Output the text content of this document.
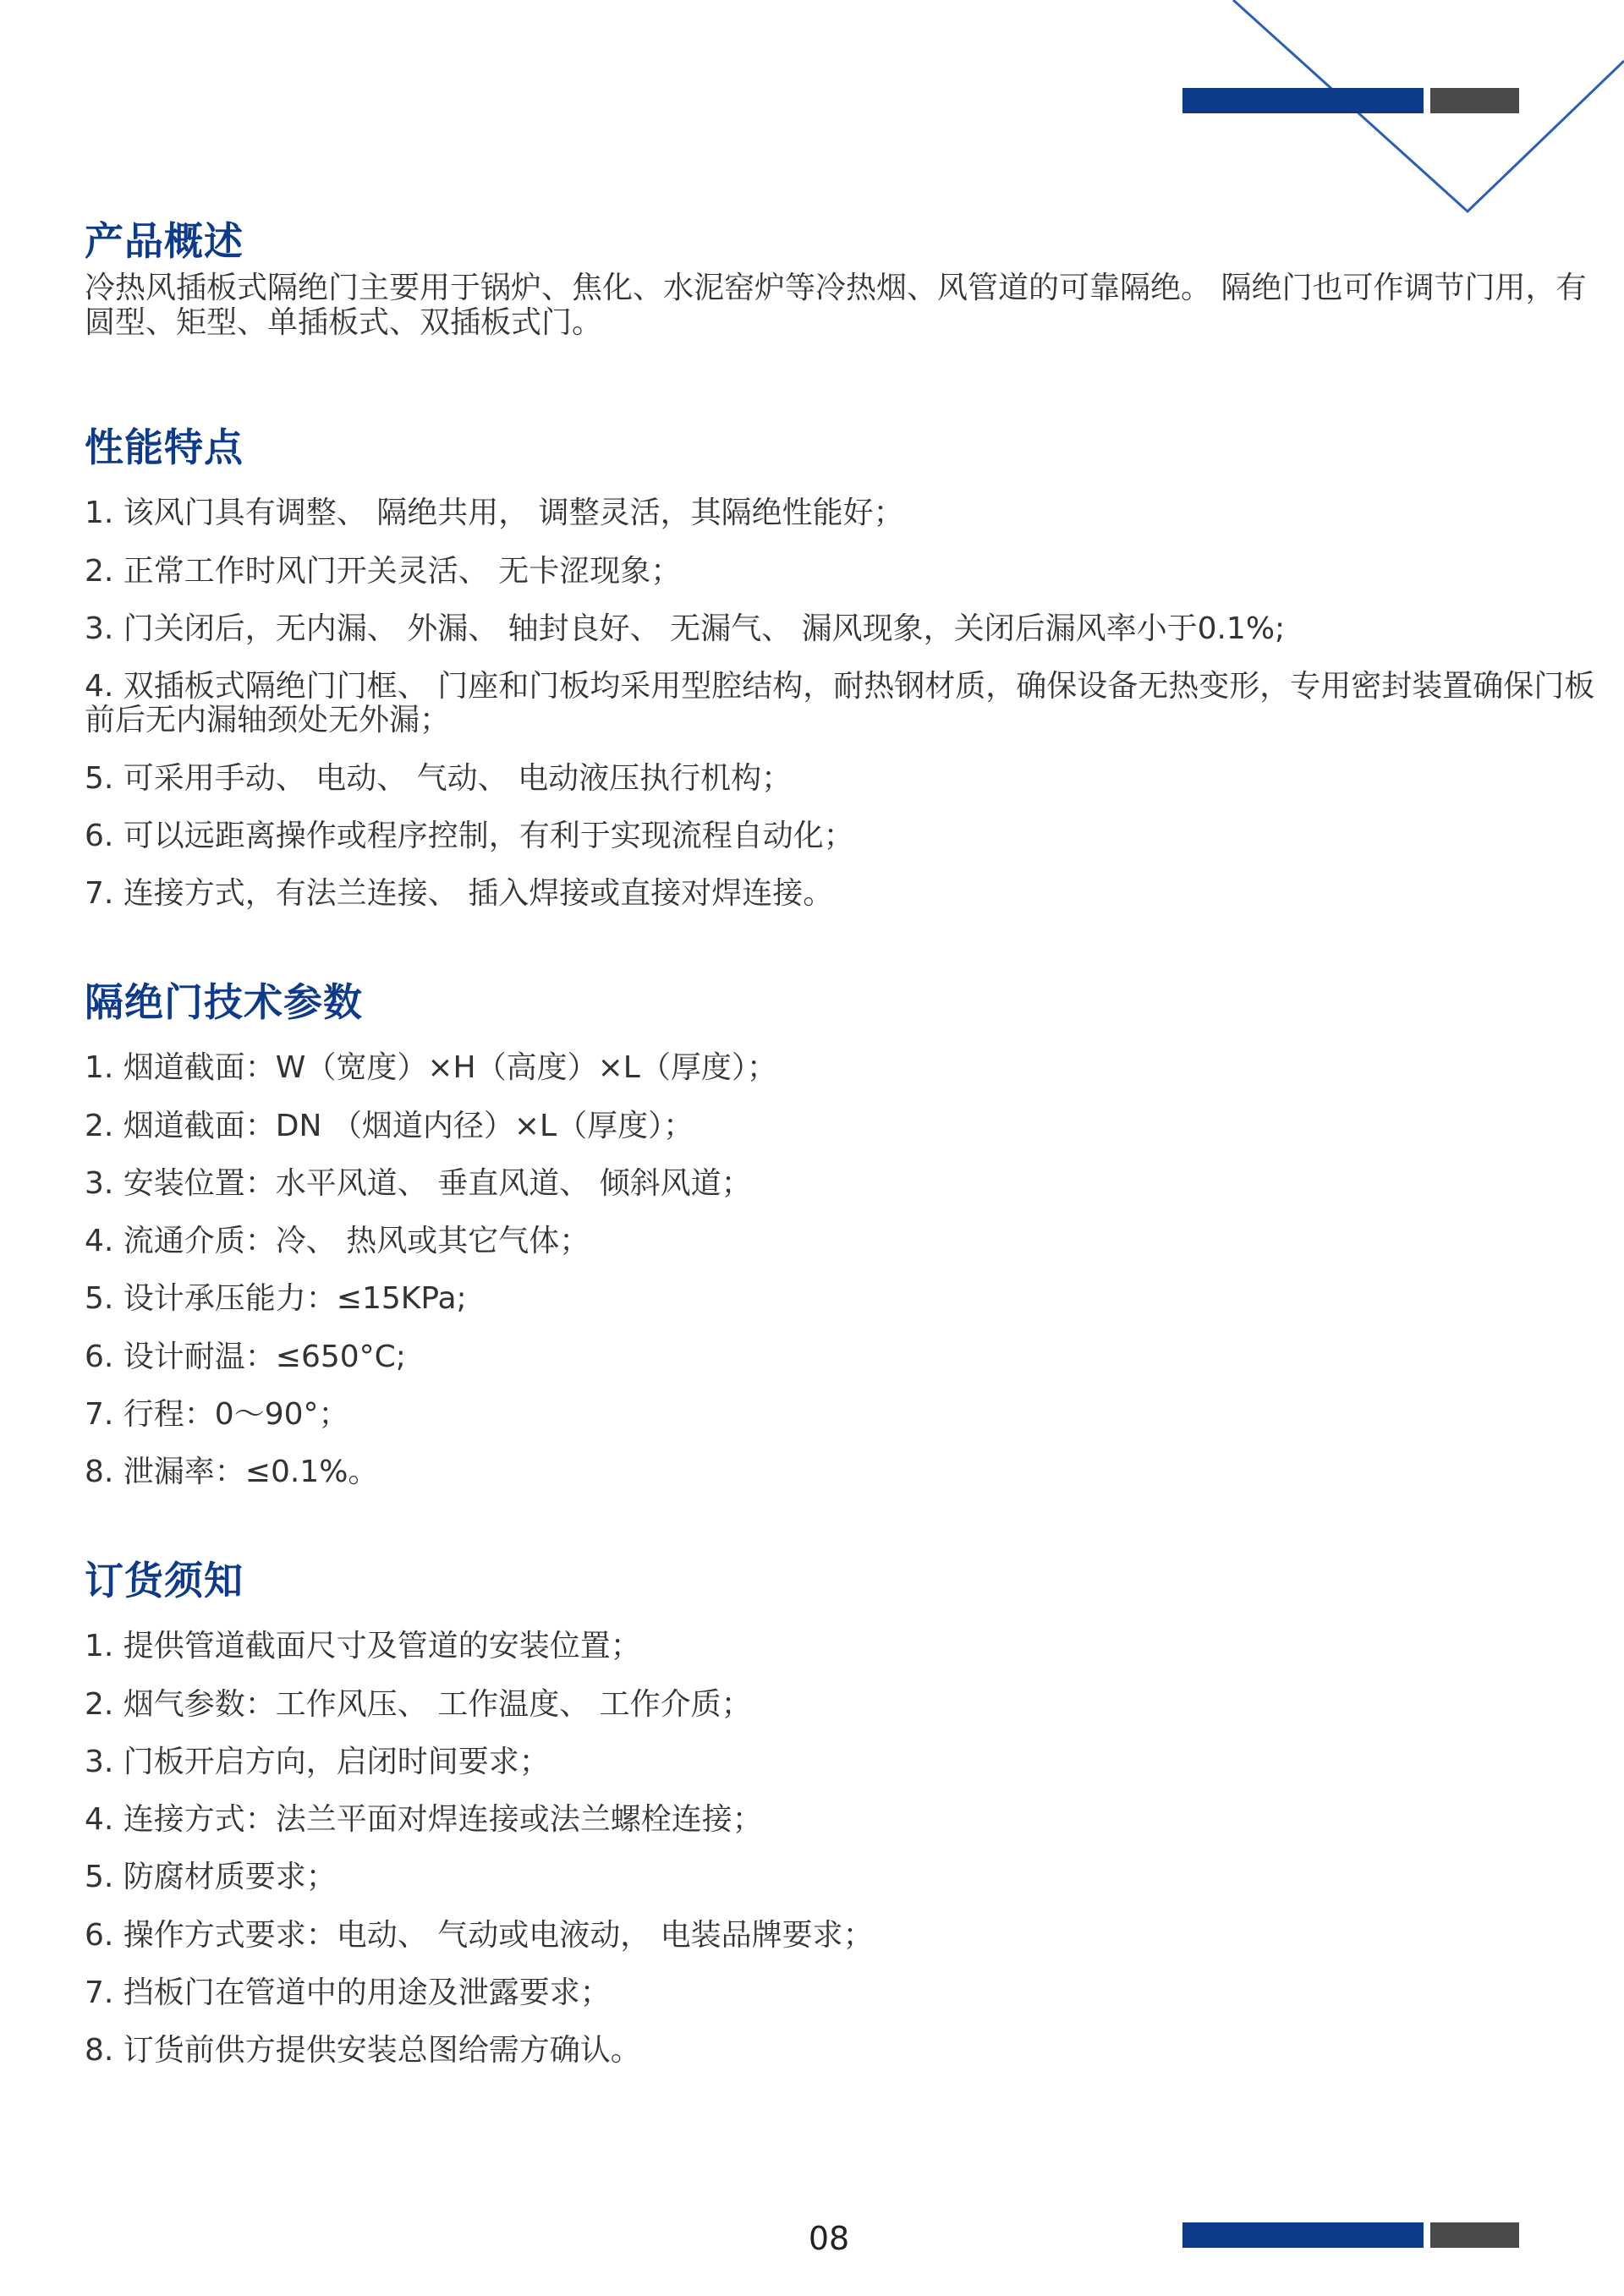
产品概述

冷热风插板式隔绝门主要用于锅炉、焦化、水泥窑炉等冷热烟、风管道的可靠隔绝。 隔绝门也可作调节门用，有圆型、矩型、单插板式、双插板式门。

性能特点
1. 该风门具有调整、 隔绝共用， 调整灵活，其隔绝性能好；
2. 正常工作时风门开关灵活、 无卡涩现象；
3. 门关闭后，无内漏、 外漏、 轴封良好、 无漏气、 漏风现象，关闭后漏风率小于0.1%;
4. 双插板式隔绝门门框、 门座和门板均采用型腔结构，耐热钢材质，确保设备无热变形，专用密封装置确保门板前后无内漏轴颈处无外漏；
5. 可采用手动、 电动、 气动、 电动液压执行机构；
6. 可以远距离操作或程序控制，有利于实现流程自动化；
7. 连接方式，有法兰连接、 插入焊接或直接对焊连接。
隔绝门技术参数
1. 烟道截面：W（宽度）×H（高度）×L（厚度）；
2. 烟道截面：DN （烟道内径）×L（厚度）；
3. 安装位置：水平风道、 垂直风道、 倾斜风道；
4. 流通介质：冷、 热风或其它气体；
5. 设计承压能力：≤15KPa;
6. 设计耐温：≤650°C;
7. 行程：0～90°；
8. 泄漏率：≤0.1%。
订货须知
1. 提供管道截面尺寸及管道的安装位置；
2. 烟气参数：工作风压、 工作温度、 工作介质；
3. 门板开启方向，启闭时间要求；
4. 连接方式：法兰平面对焊连接或法兰螺栓连接；
5. 防腐材质要求；
6. 操作方式要求：电动、 气动或电液动， 电装品牌要求；
7. 挡板门在管道中的用途及泄露要求；
8. 订货前供方提供安装总图给需方确认。
08
